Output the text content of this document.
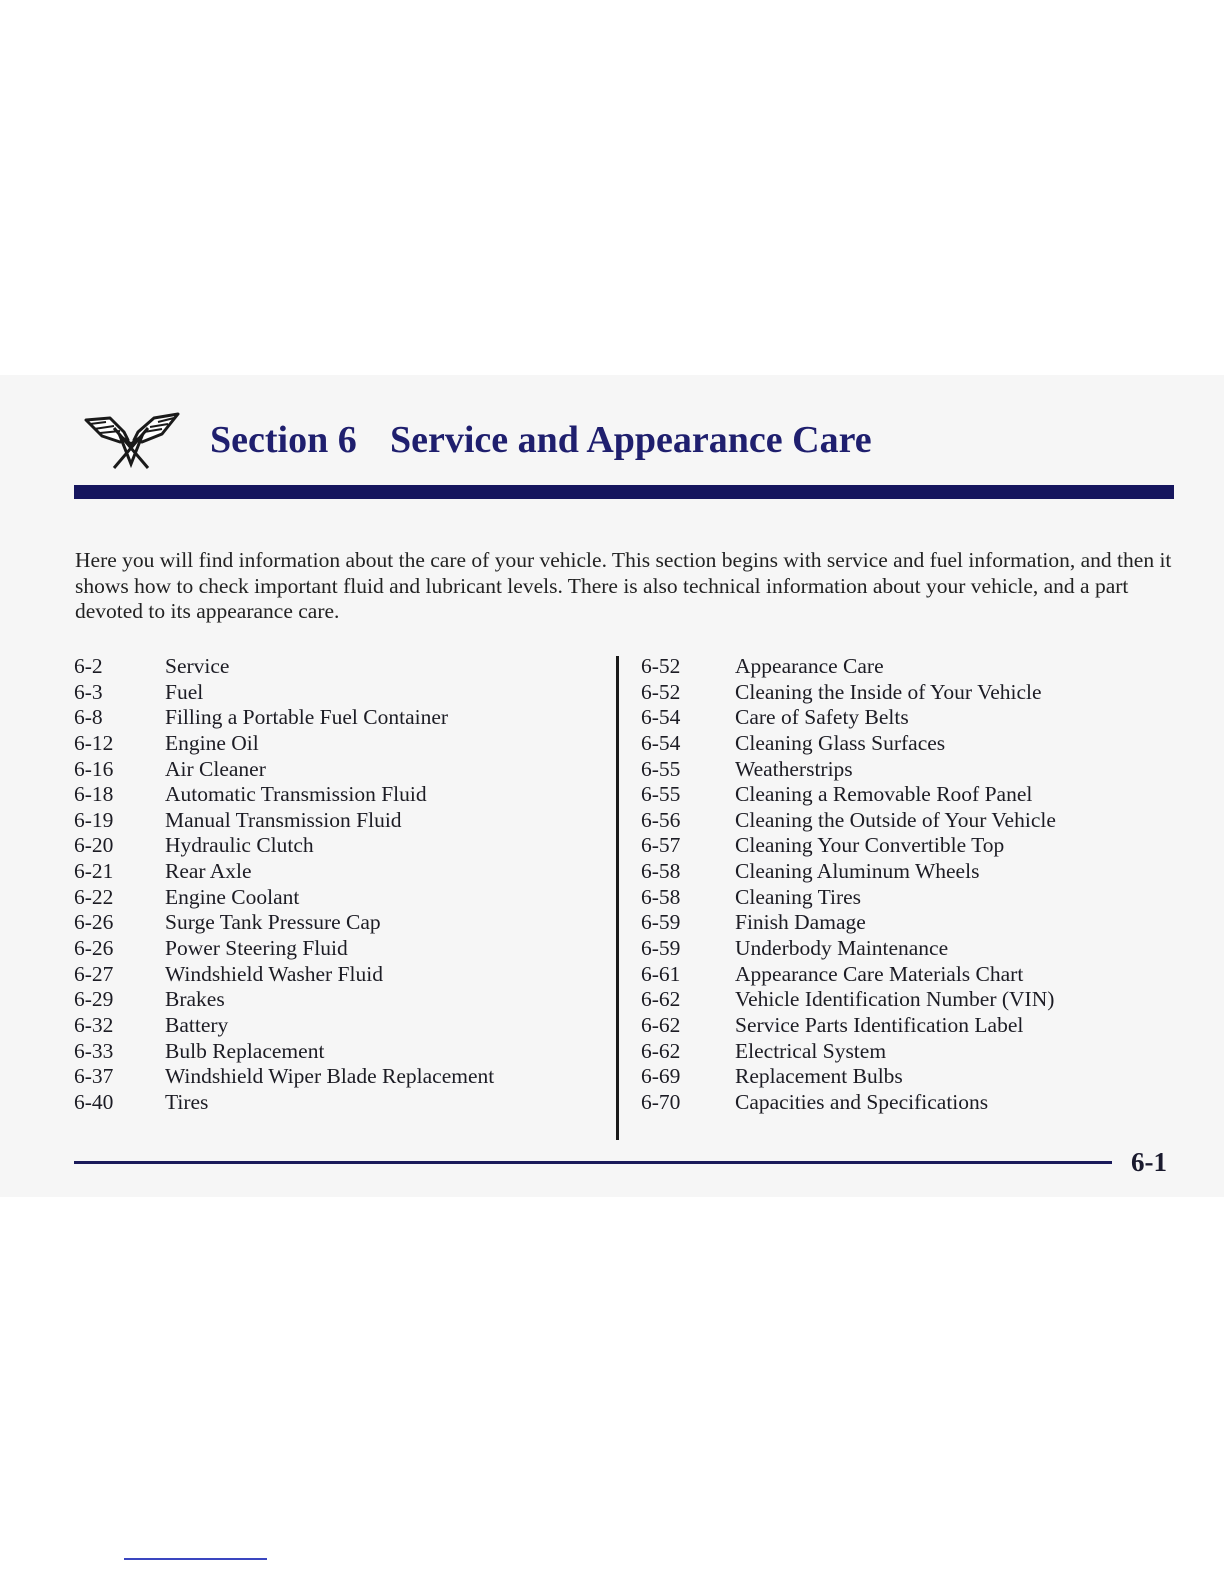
Section 6 Service and Appearance Care

Here you will find information about the care of your vehicle. This section begins with service and fuel information, and then it shows how to check important fluid and lubricant levels. There is also technical information about your vehicle, and a part devoted to its appearance care.

6-2	Service
6-3	Fuel
6-8	Filling a Portable Fuel Container
6-12 Engine Oil
6-16 Air Cleaner
6-18 Automatic Transmission Fluid
6-19 Manual Transmission Fluid
6-20 Hydraulic Clutch
6-21 Rear Axle
6-22 Engine Coolant
6-26 Surge Tank Pressure Cap
6-26 Power Steering Fluid
6-27 Windshield Washer Fluid
6-29 Brakes
6-32 Battery
6-33 Bulb Replacement
6-37 Windshield Wiper Blade Replacement
6-40 Tires
6-52	Appearance Care
6-52	Cleaning the Inside of Your Vehicle
6-54	Care of Safety Belts
6-54	Cleaning Glass Surfaces
6-55	Weatherstrips
6-55	Cleaning a Removable Roof Panel
6-56	Cleaning the Outside of Your Vehicle
6-57	Cleaning Your Convertible Top
6-58	Cleaning Aluminum Wheels
6-58	Cleaning Tires
6-59	Finish Damage
6-59	Underbody Maintenance
6-61	Appearance Care Materials Chart
6-62	Vehicle Identification Number (VIN)
6-62	Service Parts Identification Label
6-62	Electrical System
6-69	Replacement Bulbs
6-70	Capacities and Specifications
6-1
